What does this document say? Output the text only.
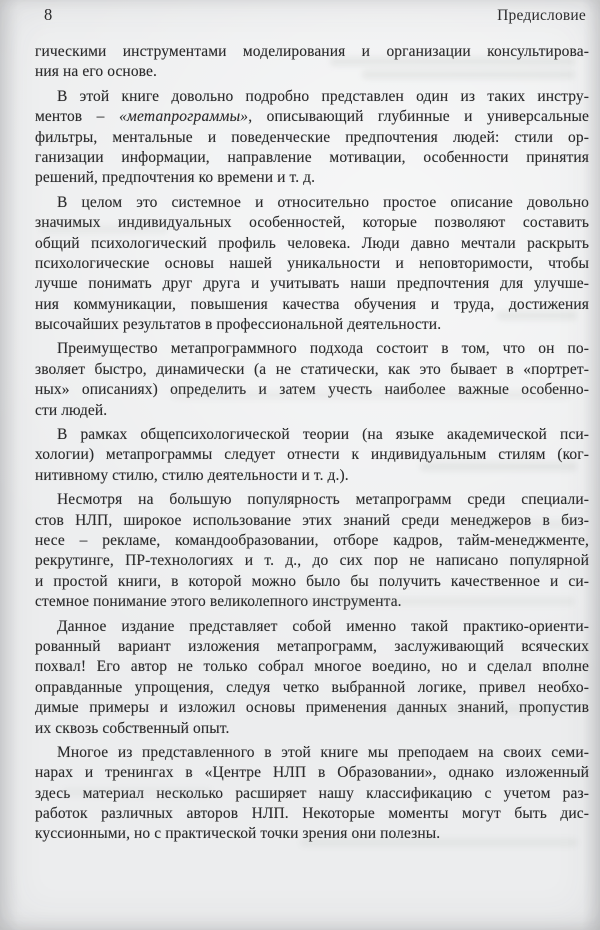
8	Предисловие
гическими инструментами моделирования и организации консультирова-
ния на его основе.
В этой книге довольно подробно представлен один из таких инстру-
ментов – «метапрограммы», описывающий глубинные и универсальные
фильтры, ментальные и поведенческие предпочтения людей: стили ор-
ганизации информации, направление мотивации, особенности принятия
решений, предпочтения ко времени и т. д.
В целом это системное и относительно простое описание довольно
значимых индивидуальных особенностей, которые позволяют составить
общий психологический профиль человека. Люди давно мечтали раскрыть
психологические основы нашей уникальности и неповторимости, чтобы
лучше понимать друг друга и учитывать наши предпочтения для улучше-
ния коммуникации, повышения качества обучения и труда, достижения
высочайших результатов в профессиональной деятельности.
Преимущество метапрограммного подхода состоит в том, что он по-
зволяет быстро, динамически (а не статически, как это бывает в «портрет-
ных» описаниях) определить и затем учесть наиболее важные особенно-
сти людей.
В рамках общепсихологической теории (на языке академической пси-
хологии) метапрограммы следует отнести к индивидуальным стилям (ког-
нитивному стилю, стилю деятельности и т. д.).
Несмотря на большую популярность метапрограмм среди специали-
стов НЛП, широкое использование этих знаний среди менеджеров в биз-
несе – рекламе, командообразовании, отборе кадров, тайм-менеджменте,
рекрутинге, ПР-технологиях и т. д., до сих пор не написано популярной
и простой книги, в которой можно было бы получить качественное и си-
стемное понимание этого великолепного инструмента.
Данное издание представляет собой именно такой практико-ориенти-
рованный вариант изложения метапрограмм, заслуживающий всяческих
похвал! Его автор не только собрал многое воедино, но и сделал вполне
оправданные упрощения, следуя четко выбранной логике, привел необхо-
димые примеры и изложил основы применения данных знаний, пропустив
их сквозь собственный опыт.
Многое из представленного в этой книге мы преподаем на своих семи-
нарах и тренингах в «Центре НЛП в Образовании», однако изложенный
здесь материал несколько расширяет нашу классификацию с учетом раз-
работок различных авторов НЛП. Некоторые моменты могут быть дис-
куссионными, но с практической точки зрения они полезны.
